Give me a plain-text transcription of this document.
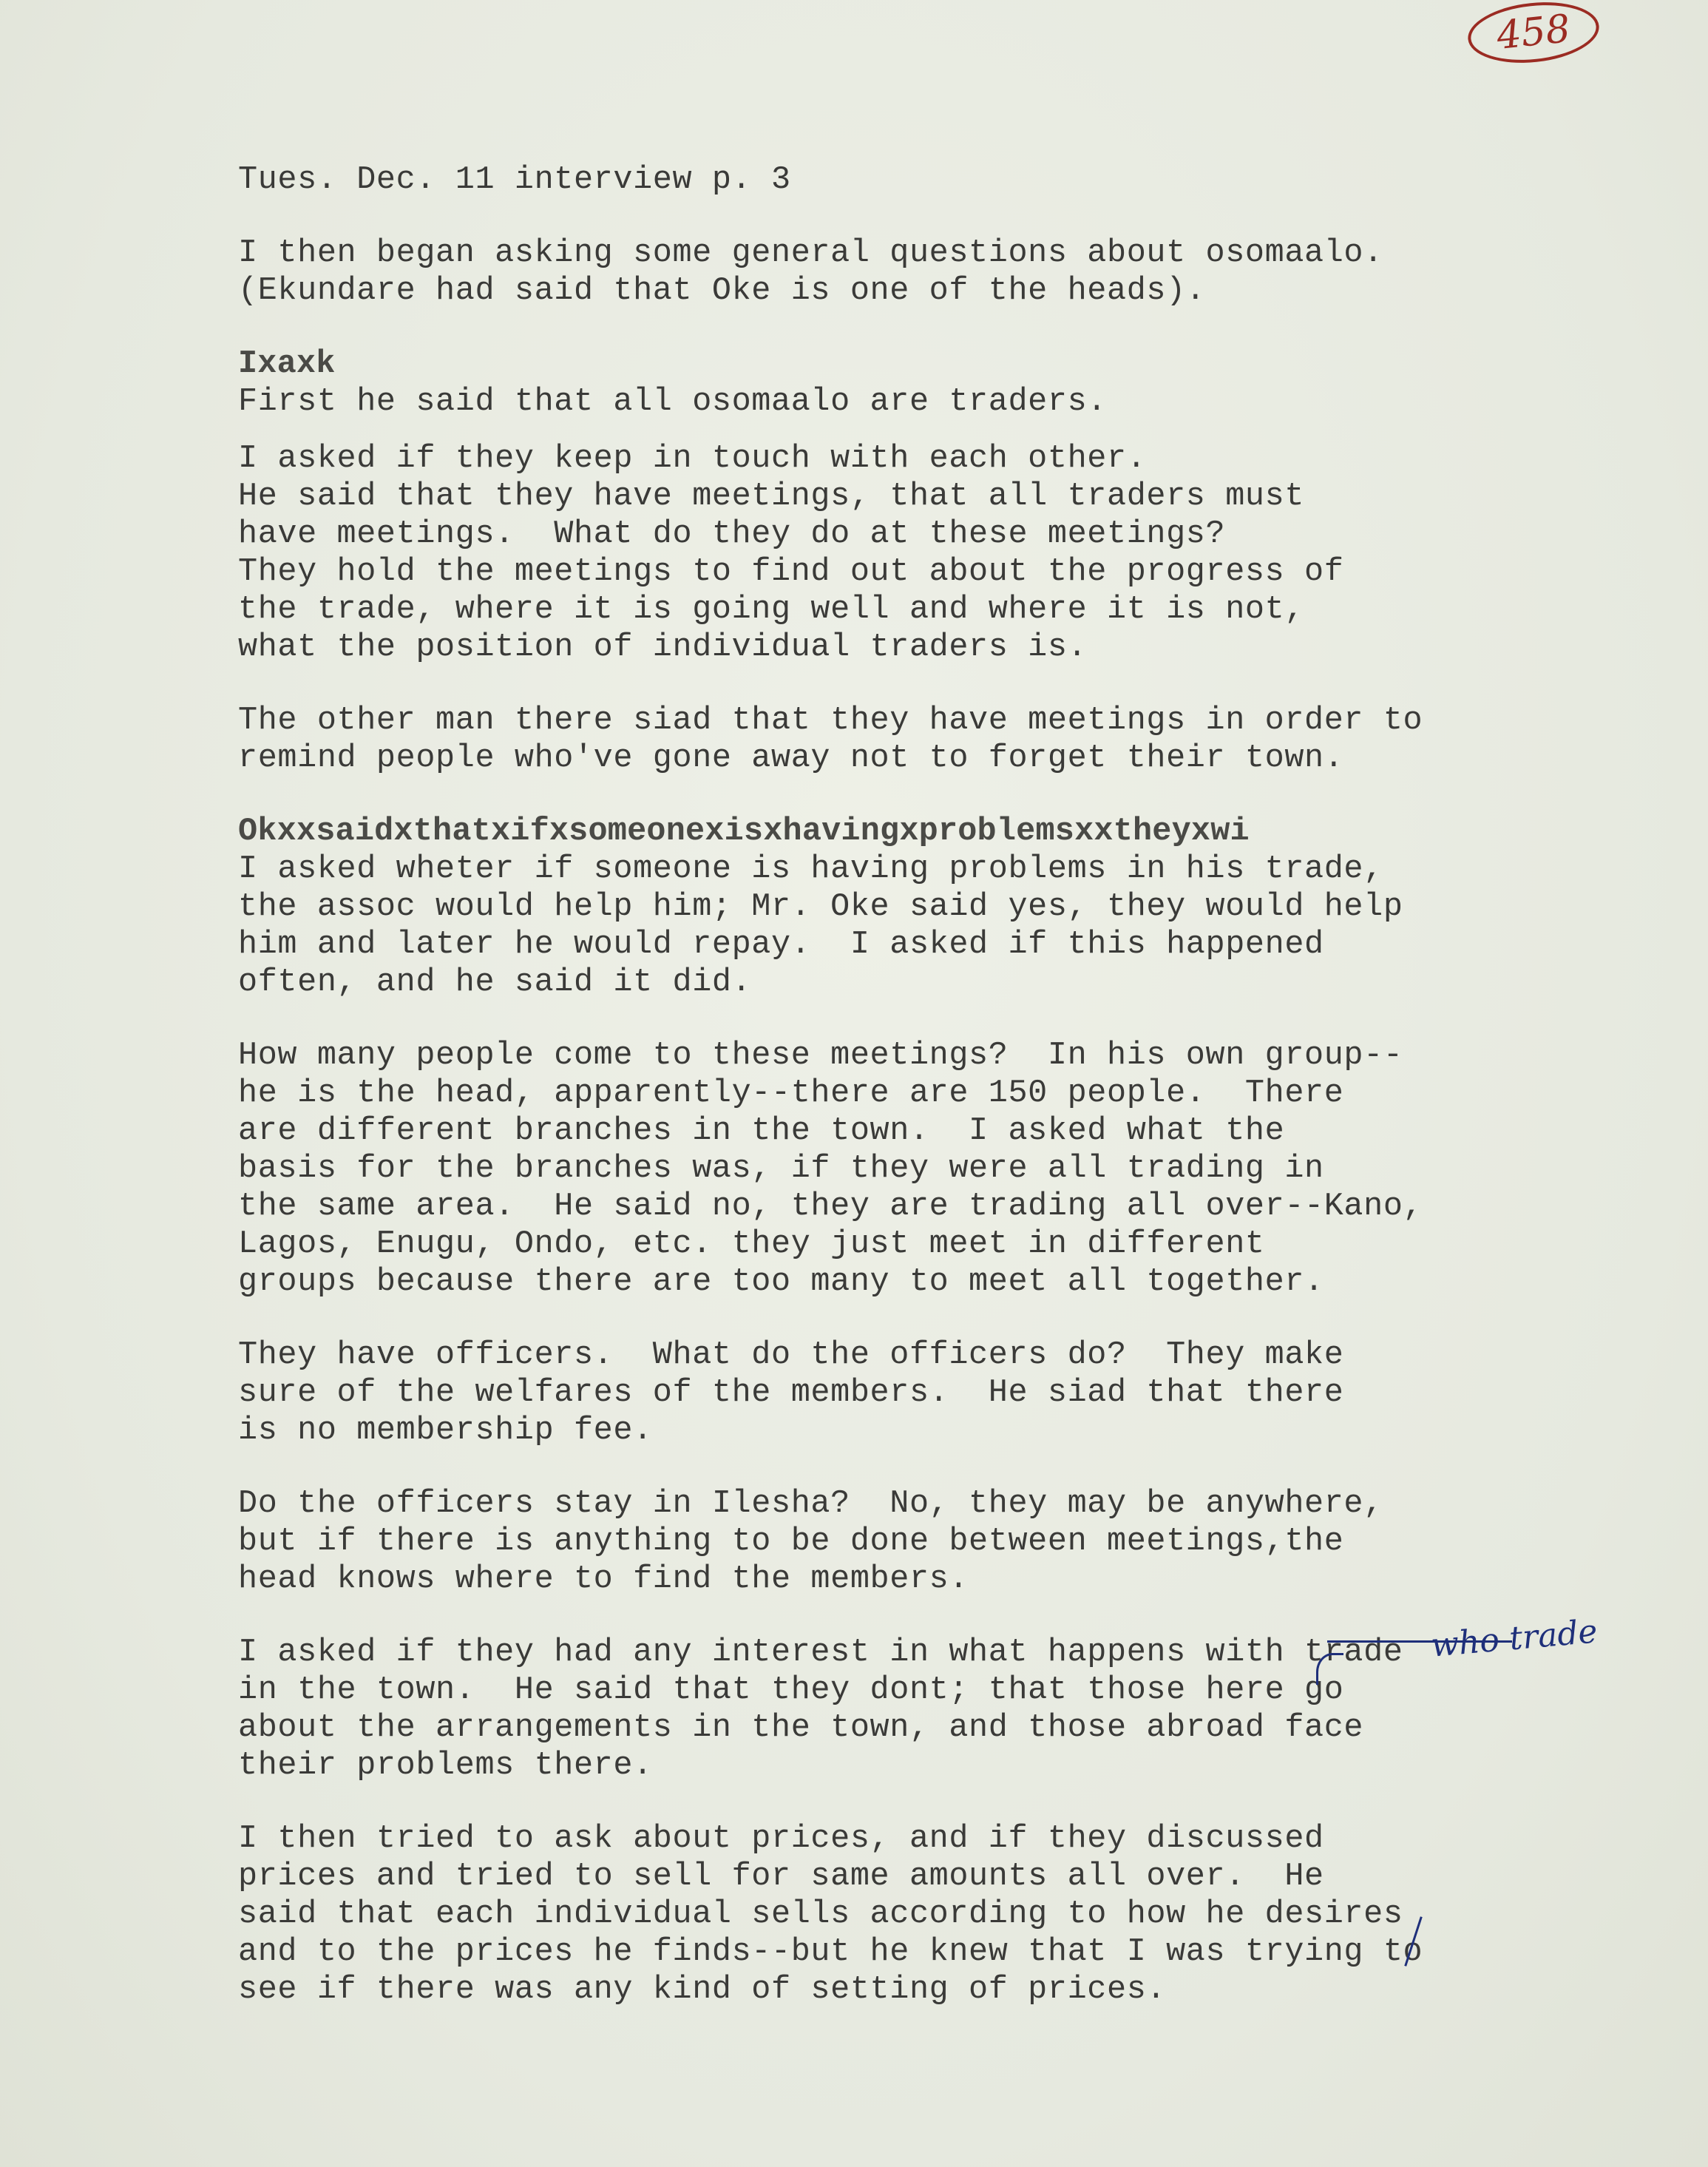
458
Tues. Dec. 11 interview p. 3
I then began asking some general questions about osomaalo.
(Ekundare had said that Oke is one of the heads).
Ixaxk
First he said that all osomaalo are traders.
I asked if they keep in touch with each other.
He said that they have meetings, that all traders must
have meetings.  What do they do at these meetings?
They hold the meetings to find out about the progress of
the trade, where it is going well and where it is not,
what the position of individual traders is.
The other man there siad that they have meetings in order to
remind people who've gone away not to forget their town.
Okxxsaidxthatxifxsomeonexisxhavingxproblemsxxtheyxwi
I asked wheter if someone is having problems in his trade,
the assoc would help him; Mr. Oke said yes, they would help
him and later he would repay.  I asked if this happened
often, and he said it did.
How many people come to these meetings?  In his own group--
he is the head, apparently--there are 150 people.  There
are different branches in the town.  I asked what the
basis for the branches was, if they were all trading in
the same area.  He said no, they are trading all over--Kano,
Lagos, Enugu, Ondo, etc. they just meet in different
groups because there are too many to meet all together.
They have officers.  What do the officers do?  They make
sure of the welfares of the members.  He siad that there
is no membership fee.
Do the officers stay in Ilesha?  No, they may be anywhere,
but if there is anything to be done between meetings,the
head knows where to find the members.
I asked if they had any interest in what happens with trade
in the town.  He said that they dont; that those here go
about the arrangements in the town, and those abroad face
their problems there.
I then tried to ask about prices, and if they discussed
prices and tried to sell for same amounts all over.  He
said that each individual sells according to how he desires
and to the prices he finds--but he knew that I was trying to
see if there was any kind of setting of prices.
who trade
